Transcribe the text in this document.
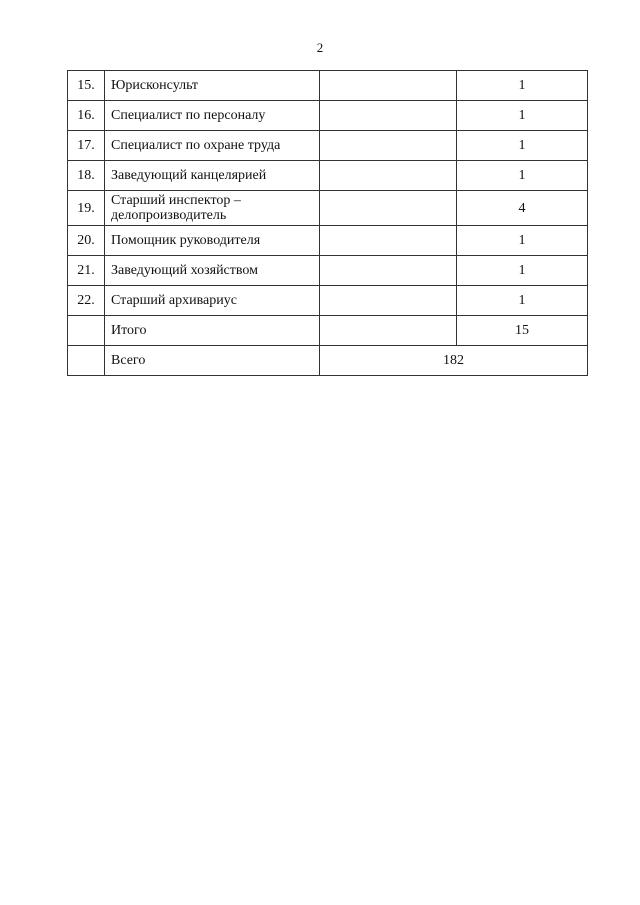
2
15.	Юрисконсульт		1
16.	Специалист по персоналу		1
17.	Специалист по охране труда		1
18.	Заведующий канцелярией		1
19.	Старший инспектор –
делопроизводитель		4
20.	Помощник руководителя		1
21.	Заведующий хозяйством		1
22.	Старший архивариус		1
	Итого		15
	Всего	182	
